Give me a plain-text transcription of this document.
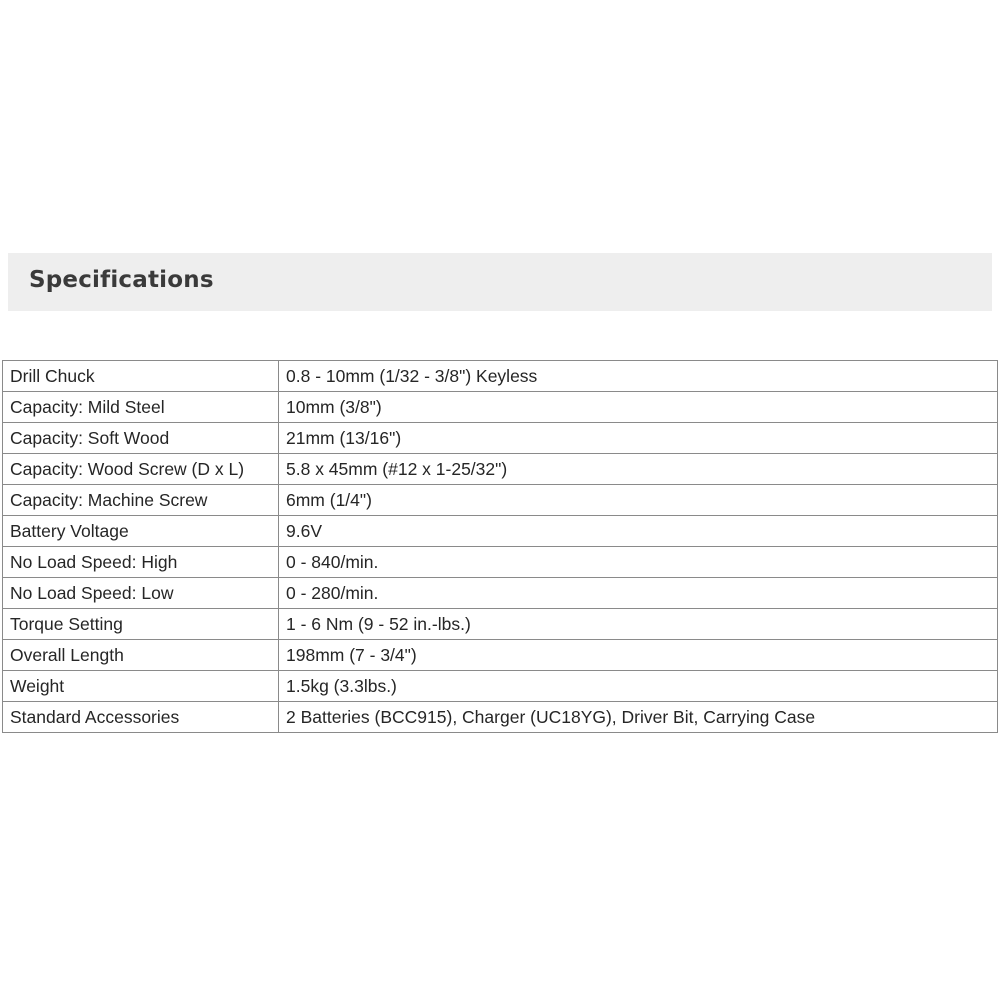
Specifications
Drill Chuck	0.8 - 10mm (1/32 - 3/8") Keyless
Capacity: Mild Steel	10mm (3/8")
Capacity: Soft Wood	21mm (13/16")
Capacity: Wood Screw (D x L)	5.8 x 45mm (#12 x 1-25/32")
Capacity: Machine Screw	6mm (1/4")
Battery Voltage	9.6V
No Load Speed: High	0 - 840/min.
No Load Speed: Low	0 - 280/min.
Torque Setting	1 - 6 Nm (9 - 52 in.-lbs.)
Overall Length	198mm (7 - 3/4")
Weight	1.5kg (3.3lbs.)
Standard Accessories	2 Batteries (BCC915), Charger (UC18YG), Driver Bit, Carrying Case
